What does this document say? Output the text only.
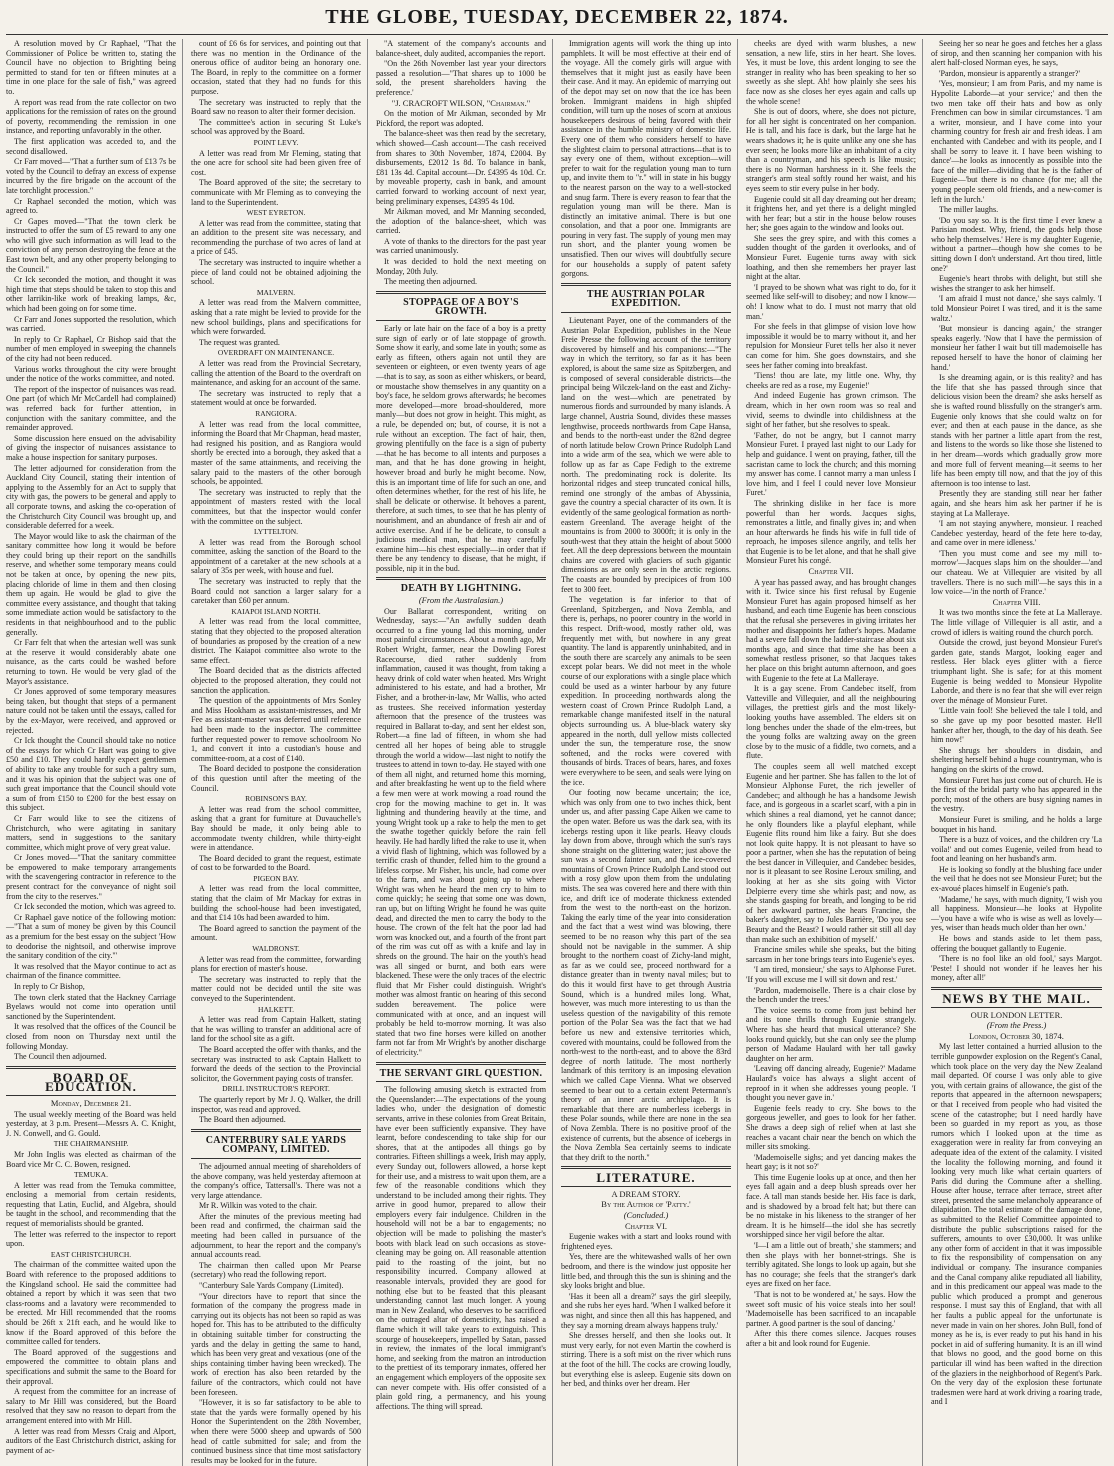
THE GLOBE, TUESDAY, DECEMBER 22, 1874.

A resolution moved by Cr Raphael, "That the Commissioner of Police be written to, stating the Council have no objection to Brighting being permitted to stand for ten or fifteen minutes at a time in one place for the sale of fish," was agreed to.

A report was read from the rate collector on two applications for the remission of rates on the ground of poverty, recommending the remission in one instance, and reporting unfavorably in the other.

The first application was acceded to, and the second disallowed.

Cr Farr moved—"That a further sum of £13 7s be voted by the Council to defray an excess of expense incurred by the fire brigade on the account of the late torchlight procession."

Cr Raphael seconded the motion, which was agreed to.

Cr Gapes moved—"That the town clerk be instructed to offer the sum of £5 reward to any one who will give such information as will lead to the conviction of any person destroying the fence at the East town belt, and any other property belonging to the Council."

Cr Ick seconded the motion, and thought it was high time that steps should be taken to stop this and other larrikin-like work of breaking lamps, &c, which had been going on for some time.

Cr Farr and Jones supported the resolution, which was carried.

In reply to Cr Raphael, Cr Bishop said that the number of men employed in sweeping the channels of the city had not been reduced.

Various works throughout the city were brought under the notice of the works committee, and noted.

The report of the inspector of nuisances was read. One part (of which Mr McCardell had complained) was referred back for further attention, in conjunction with the sanitary committee, and the remainder approved.

Some discussion here ensued on the advisability of giving the inspector of nuisances assistance to make a house inspection for sanitary purposes.

The letter adjourned for consideration from the Auckland City Council, stating their intention of applying to the Assembly for an Act to supply that city with gas, the powers to be general and apply to all corporate towns, and asking the co-operation of the Christchurch City Council was brought up, and considerable deferred for a week.

The Mayor would like to ask the chairman of the sanitary committee how long it would be before they could bring up their report on the sandhills reserve, and whether some temporary means could not be taken at once, by opening the new pits, placing chloride of lime in them and then closing them up again. He would be glad to give the committee every assistance, and thought that taking some immediate action would be satisfactory to the residents in that neighbourhood and to the public generally.

Cr Farr felt that when the artesian well was sunk at the reserve it would considerably abate one nuisance, as the carts could be washed before returning to town. He would be very glad of the Mayor's assistance.

Cr Jones approved of some temporary measures being taken, but thought that steps of a permanent nature could not be taken until the essays, called for by the ex-Mayor, were received, and approved or rejected.

Cr Ick thought the Council should take no notice of the essays for which Cr Hart was going to give £50 and £10. They could hardly expect gentlemen of ability to take any trouble for such a paltry sum, and it was his opinion that the subject was one of such great importance that the Council should vote a sum of from £150 to £200 for the best essay on this subject.

Cr Farr would like to see the citizens of Christchurch, who were agitating in sanitary matters, send in suggestions to the sanitary committee, which might prove of very great value.

Cr Jones moved—"That the sanitary committee be empowered to make temporary arrangements with the scavengering contractor in reference to the present contract for the conveyance of night soil from the city to the reserves."

Cr Ick seconded the motion, which was agreed to.

Cr Raphael gave notice of the following motion:—"That a sum of money be given by this Council as a premium for the best essay on the subject 'How to deodorise the nightsoil, and otherwise improve the sanitary condition of the city.'"

It was resolved that the Mayor continue to act as chairman of the finance committee.

In reply to Cr Bishop,

The town clerk stated that the Hackney Carriage Byelaws would not come into operation until sanctioned by the Superintendent.

It was resolved that the offices of the Council be closed from noon on Thursday next until the following Monday.

The Council then adjourned.

BOARD OF EDUCATION.
Monday, December 21.

The usual weekly meeting of the Board was held yesterday, at 3 p.m. Present—Messrs A. C. Knight, J. N. Conwell, and G. Gould.

THE CHAIRMANSHIP.

Mr John Inglis was elected as chairman of the Board vice Mr C. C. Bowen, resigned.

TEMUKA.

A letter was read from the Temuka committee, enclosing a memorial from certain residents, requesting that Latin, Euclid, and Algebra, should be taught in the school, and recommending that the request of memorialists should be granted.

The letter was referred to the inspector to report upon.

EAST CHRISTCHURCH.

The chairman of the committee waited upon the Board with reference to the proposed additions to the Kingsland school. He said the committee had obtained a report by which it was seen that two class-rooms and a lavatory were recommended to be erected. Mr Hill recommended that the rooms should be 26ft x 21ft each, and he would like to know if the Board approved of this before the committee called for tenders.

The Board approved of the suggestions and empowered the committee to obtain plans and specifications and submit the same to the Board for their approval.

A request from the committee for an increase of salary to Mr Hill was considered, but the Board resolved that they saw no reason to depart from the arrangement entered into with Mr Hill.

A letter was read from Messrs Craig and Alport, auditors of the East Christchurch district, asking for payment of ac-

count of £6 6s for services, and pointing out that there was no mention in the Ordinance of the onerous office of auditor being an honorary one. The Board, in reply to the committee on a former occasion, stated that they had no funds for this purpose.

The secretary was instructed to reply that the Board saw no reason to alter their former decision.

The committee's action in securing St Luke's school was approved by the Board.

POINT LEVY.

A letter was read from Mr Fleming, stating that the one acre for school site had been given free of cost.

The Board approved of the site; the secretary to communicate with Mr Fleming as to conveying the land to the Superintendent.

WEST EYRETON.

A letter was read from the committee, stating that an addition to the present site was necessary, and recommending the purchase of two acres of land at a price of £45.

The secretary was instructed to inquire whether a piece of land could not be obtained adjoining the school.

MALVERN.

A letter was read from the Malvern committee, asking that a rate might be levied to provide for the new school buildings, plans and specifications for which were forwarded.

The request was granted.

OVERDRAFT ON MAINTENANCE.

A letter was read from the Provincial Secretary, calling the attention of the Board to the overdraft on maintenance, and asking for an account of the same.

The secretary was instructed to reply that a statement would at once be forwarded.

RANGIORA.

A letter was read from the local committee, informing the Board that Mr Chapman, head master, had resigned his position, and as Rangiora would shortly be erected into a borough, they asked that a master of the same attainments, and receiving the salary paid to the masters of the other borough schools, be appointed.

The secretary was instructed to reply that the appointment of masters rested with the local committees, but that the inspector would confer with the committee on the subject.

LYTTELTON.

A letter was read from the Borough school committee, asking the sanction of the Board to the appointment of a caretaker at the new schools at a salary of 35s per week, with house and fuel.

The secretary was instructed to reply that the Board could not sanction a larger salary for a caretaker than £60 per annum.

KAIAPOI ISLAND NORTH.

A letter was read from the local committee, stating that they objected to the proposed alteration of boundaries as proposed by the creation of a new district. The Kaiapoi committee also wrote to the same effect.

The Board decided that as the districts affected objected to the proposed alteration, they could not sanction the application.

The question of the appointments of Mrs Sonley and Miss Hookham as assistant-mistresses, and Mr Fee as assistant-master was deferred until reference had been made to the inspector. The committee further requested power to remove schoolroom No 1, and convert it into a custodian's house and committee-room, at a cost of £140.

The Board decided to postpone the consideration of this question until after the meeting of the Council.

ROBINSON'S BAY.

A letter was read from the school committee, asking that a grant for furniture at Duvauchelle's Bay should be made, it only being able to accommodate twenty children, while thirty-eight were in attendance.

The Board decided to grant the request, estimate of cost to be forwarded to the Board.

PIGEON BAY.

A letter was read from the local committee, stating that the claim of Mr Mackay for extras in building the school-house had been investigated, and that £14 10s had been awarded to him.

The Board agreed to sanction the payment of the amount.

WALDRONST.

A letter was read from the committee, forwarding plans for erection of master's house.

The secretary was instructed to reply that the matter could not be decided until the site was conveyed to the Superintendent.

HALKETT.

A letter was read from Captain Halkett, stating that he was willing to transfer an additional acre of land for the school site as a gift.

The Board accepted the offer with thanks, and the secretary was instructed to ask Captain Halkett to forward the deeds of the section to the Provincial solicitor, the Government paying costs of transfer.

DRILL INSTRUCTOR'S REPORT.

The quarterly report by Mr J. Q. Walker, the drill inspector, was read and approved.

The Board then adjourned.

CANTERBURY SALE YARDS COMPANY, LIMITED.

The adjourned annual meeting of shareholders of the above company, was held yesterday afternoon at the company's office, Tattersall's. There was not a very large attendance.

Mr R. Wilkin was voted to the chair.

After the minutes of the previous meeting had been read and confirmed, the chairman said the meeting had been called in pursuance of the adjournment, to hear the report and the company's annual accounts read.

The chairman then called upon Mr Pearse (secretary) who read the following report.

"Canterbury Sale Yards Company (Limited).

"Your directors have to report that since the formation of the company the progress made in carrying out its objects has not been so rapid as was hoped for. This has to be attributed to the difficulty in obtaining suitable timber for constructing the yards and the delay in getting the same to hand, which has been very great and vexatious (one of the ships containing timber having been wrecked). The work of erection has also been retarded by the failure of the contractors, which could not have been foreseen.

"However, it is so far satisfactory to be able to state that the yards were formally opened by his Honor the Superintendent on the 28th November, when there were 5000 sheep and upwards of 500 head of cattle submitted for sale; and from the continued business since that time most satisfactory results may be looked for in the future.

"A statement of the company's accounts and balance-sheet, duly audited, accompanies the report.

"On the 26th November last year your directors passed a resolution—"That shares up to 1000 be sold, the present shareholders having the preference.'

"J. CRACROFT WILSON, "Chairman."

On the motion of Mr Aikman, seconded by Mr Pickford, the report was adopted.

The balance-sheet was then read by the secretary, which showed—Cash account—The cash received from shares to 30th November, 1874, £2004. By disbursements, £2012 1s 8d. To balance in bank, £81 13s 4d. Capital account—Dr. £4395 4s 10d. Cr. by moveable property, cash in bank, and amount carried forward to working account of next year, being preliminary expenses, £4395 4s 10d.

Mr Aikman moved, and Mr Manning seconded, the adoption of the balance-sheet, which was carried.

A vote of thanks to the directors for the past year was carried unanimously.

It was decided to hold the next meeting on Monday, 20th July.

The meeting then adjourned.

STOPPAGE OF A BOY'S GROWTH.

Early or late hair on the face of a boy is a pretty sure sign of early or of late stoppage of growth. Some show it early, and some late in youth; some as early as fifteen, others again not until they are seventeen or eighteen, or even twenty years of age—that is to say, as soon as either whiskers, or beard, or moustache show themselves in any quantity on a boy's face, he seldom grows afterwards; he becomes more developed—more broad-shouldered, more manly—but does not grow in height. This might, as a rule, be depended on; but, of course, it is not a rule without an exception. The fact of hair, then, growing plentifully on the face is a sign of puberty—that he has become to all intents and purposes a man, and that he has done growing in height, however broad and burly he might become. Now, this is an important time of life for such an one, and often determines whether, for the rest of his life, he shall be delicate or otherwise. It behoves a parent, therefore, at such times, to see that he has plenty of nourishment, and an abundance of fresh air and of active exercise. And if he be delicate, to consult a judicious medical man, that he may carefully examine him—his chest especially—in order that if there be any tendency to disease, that he might, if possible, nip it in the bud.

DEATH BY LIGHTNING.
(From the Australasian.)

Our Ballarat correspondent, writing on Wednesday, says:—"An awfully sudden death occurred to a fine young lad this morning, under most painful circumstances. About a month ago, Mr Robert Wright, farmer, near the Dowling Forest Racecourse, died rather suddenly from inflammation, caused it was thought, from taking a heavy drink of cold water when heated. Mrs Wright administered to his estate, and had a brother, Mr Fisher, and a brother-in-law, Mr Wallis, who acted as trustees. She received information yesterday afternoon that the presence of the trustees was required in Ballarat to-day, and sent her eldest son, Robert—a fine lad of fifteen, in whom she had centred all her hopes of being able to struggle through the world a widow—last night to notify the trustees to attend in town to-day. He stayed with one of them all night, and returned home this morning, and after breakfasting he went up to the field where a few men were at work mowing a road round the crop for the mowing machine to get in. It was lightning and thundering heavily at the time, and young Wright took up a rake to help the men to get the swathe together quickly before the rain fell heavily. He had hardly lifted the rake to use it, when a vivid flash of lightning, which was followed by a terrific crash of thunder, felled him to the ground a lifeless corpse. Mr Fisher, his uncle, had come over to the farm, and was about going up to where Wright was when he heard the men cry to him to come quickly; he seeing that some one was down, ran up, but on lifting Wright he found he was quite dead, and directed the men to carry the body to the house. The crown of the felt hat the poor lad had worn was knocked out, and a fourth of the front part of the rim was cut off as with a knife and lay in shreds on the ground. The hair on the youth's head was all singed or burnt, and both ears were blackened. These were the only traces of the electric fluid that Mr Fisher could distinguish. Wright's mother was almost frantic on hearing of this second sudden bereavement. The police were communicated with at once, and an inquest will probably be held to-morrow morning. It was also stated that two fine horses were killed on another farm not far from Mr Wright's by another discharge of electricity."

THE SERVANT GIRL QUESTION.

The following amusing sketch is extracted from the Queenslander:—The expectations of the young ladies who, under the designation of domestic servants, arrive in these colonies from Great Britain, have ever been sufficiently expansive. They have learnt, before condescending to take ship for our shores, that at the antipodes all things go by contraries. Fifteen shillings a week, Irish may apply, every Sunday out, followers allowed, a horse kept for their use, and a mistress to wait upon them, are a few of the reasonable conditions which they understand to be included among their rights. They arrive in good humor, prepared to allow their employers every fair indulgence. Children in the household will not be a bar to engagements; no objection will be made to polishing the master's boots with black lead on such occasions as stove-cleaning may be going on. All reasonable attention paid to the roasting of the joint, but no responsibility incurred. Company allowed at reasonable intervals, provided they are good for nothing else but to be feasted that this pleasant understanding cannot last much longer. A young man in New Zealand, who deserves to be sacrificed on the outraged altar of domesticity, has raised a flame which it will take years to extinguish. This scourge of housekeepers, impelled by Satan, passed in review, the inmates of the local immigrant's home, and seeking from the matron an introduction to the prettiest of its temporary inmates, offered her an engagement which employers of the opposite sex can never compete with. His offer consisted of a plain gold ring, a permanency, and his young affections. The thing will spread.

Immigration agents will work the thing up into pamphlets. It will be most effective at their end of the voyage. All the comely girls will argue with themselves that it might just as easily have been their case. And it may. An epidemic of marrying out of the depot may set on now that the ice has been broken. Immigrant maidens in high shipfed condition, will turn up the noses of scorn at anxious housekeepers desirous of being favored with their assistance in the humble ministry of domestic life. Every one of them who considers herself to have the slightest claim to personal attractions—that is to say every one of them, without exception—will prefer to wait for the regulation young man to turn up, and invite them to "r." will in state in his buggy to the nearest parson on the way to a well-stocked and snug farm. There is every reason to fear that the regulation young man will be there. Man is distinctly an imitative animal. There is but one consolation, and that a poor one. Immigrants are pouring in very fast. The supply of young men may run short, and the planter young women be unsatisfied. Then our wives will doubtfully secure for our households a supply of patent safety gorgons.

THE AUSTRIAN POLAR EXPEDITION.

Lieutenant Payer, one of the commanders of the Austrian Polar Expedition, publishes in the Neue Freie Presse the following account of the territory discovered by himself and his companions:—"The way in which the territory, so far as it has been explored, is about the same size as Spitzbergen, and is composed of several considerable districts—the principal being Wilczek-land on the east and Zichy-land on the west—which are penetrated by numerous fiords and surrounded by many islands. A large channel, Austria Sound, divides these masses lengthwise, proceeds northwards from Cape Hansa, and bends to the north-east under the 82nd degree of north latitude below Crown Prince Rudolph Land into a wide arm of the sea, which we were able to follow up as far as Cape Fedigh to the extreme north. The predominating rock is dolerite. Its horizontal ridges and steep truncated conical hills, remind one strongly of the ambas of Abyssinia, gave the country a special character of its own. It is evidently of the same geological formation as north-eastern Greenland. The average height of the mountains is from 2000 to 3000ft; it is only in the south-west that they attain the height of about 5000 feet. All the deep depressions between the mountain chains are covered with glaciers of such gigantic dimensions as are only seen in the arctic regions. The coasts are bounded by precipices of from 100 feet to 300 feet.

The vegetation is far inferior to that of Greenland, Spitzbergen, and Nova Zembla, and there is, perhaps, no poorer country in the world in this respect. Drift-wood, mostly rather old, was frequently met with, but nowhere in any great quantity. The land is apparently uninhabited, and in the south there are scarcely any animals to be seen except polar bears. We did not meet in the whole course of our explorations with a single place which could be used as a winter harbour by any future expedition. In proceeding northwards along the western coast of Crown Prince Rudolph Land, a remarkable change manifested itself in the natural objects surrounding us. A blue-black watery sky appeared in the north, dull yellow mists collected under the sun, the temperature rose, the snow softened, and the rocks were covered with thousands of birds. Traces of bears, hares, and foxes were everywhere to be seen, and seals were lying on the ice.

Our footing now became uncertain; the ice, which was only from one to two inches thick, bent under us, and after passing Cape Aiken we came to the open water. Before us was the dark sea, with its icebergs resting upon it like pearls. Heavy clouds lay down from above, through which the sun's rays shone straight on the glittering water; just above the sun was a second fainter sun, and the ice-covered mountains of Crown Prince Rudolph Land stood out with a rosy glow upon them from the undulating mists. The sea was covered here and there with thin ice, and drift ice of moderate thickness extended from the west to the north-east on the horizon. Taking the early time of the year into consideration and the fact that a west wind was blowing, there seemed to be no reason why this part of the sea should not be navigable in the summer. A ship brought to the northern coast of Zichy-land might, as far as we could see, proceed northward for a distance greater than in twenty naval miles; but to do this it would first have to get through Austria Sound, which is a hundred miles long. What, however, was much more interesting to us than the useless question of the navigability of this remote portion of the Polar Sea was the fact that we had before us new and extensive territories which, covered with mountains, could be followed from the north-west to the north-east, and to above the 83rd degree of north latitude. The most northerly landmark of this territory is an imposing elevation which we called Cape Vienna. What we observed seemed to bear out to a certain extent Petermann's theory of an inner arctic archipelago. It is remarkable that there are numberless icebergs in these Polar sounds, while there are none in the sea of Nova Zembla. There is no positive proof of the existence of currents, but the absence of icebergs in the Nova Zembla Sea certainly seems to indicate that they drift to the north."

LITERATURE.
A DREAM STORY.
By the Author of 'Patty.'
(Concluded.)
Chapter VI.

Eugenie wakes with a start and looks round with frightened eyes.

Yes, there are the whitewashed walls of her own bedroom, and there is the window just opposite her little bed, and through this the sun is shining and the sky looks bright and blue.

'Has it been all a dream?' says the girl sleepily, and she rubs her eyes hard. 'When I walked before it was night, and since then all this has happened, and they say a morning dream always happens truly.'

She dresses herself, and then she looks out. It must very early, for not even Martin the cowherd is stirring. There is a soft mist on the river which runs at the foot of the hill. The cocks are crowing loudly, but everything else is asleep. Eugenie sits down on her bed, and thinks over her dream. Her

cheeks are dyed with warm blushes, a new sensation, a new life, stirs in her heart. She loves. Yes, it must be love, this ardent longing to see the stranger in reality who has been speaking to her so sweetly as she slept. Ah! how plainly she sees his face now as she closes her eyes again and calls up the whole scene!

She is out of doors, where, she does not picture, for all her sight is concentrated on her companion. He is tall, and his face is dark, but the large hat he wears shadows it; he is quite unlike any one she has ever seen; he looks more like an inhabitant of a city than a countryman, and his speech is like music; there is no Norman harshness in it. She feels the stranger's arm steal softly round her waist, and his eyes seem to stir every pulse in her body.

Eugenie could sit all day dreaming out her dream; it frightens her, and yet there is a delight mingled with her fear; but a stir in the house below rouses her; she goes again to the window and looks out.

She sees the grey spire, and with this comes a sudden thought of the garden it overlooks, and of Monsieur Furet. Eugenie turns away with sick loathing, and then she remembers her prayer last night at the altar.

'I prayed to be shown what was right to do, for it seemed like self-will to disobey; and now I know—oh! I know what to do. I must not marry that old man.'

For she feels in that glimpse of vision love how impossible it would be to marry without it, and her repulsion for Monsieur Furet tells her also it never can come for him. She goes downstairs, and she sees her father coming into breakfast.

'Tiens! thou are late, my little one. Why, thy cheeks are red as a rose, my Eugenie!'

And indeed Eugenie has grown crimson. The dream, which in her own room was so real and vivid, seems to dwindle into childishness at the sight of her father, but she resolves to speak.

'Father, do not be angry, but I cannot marry Monsieur Furet. I prayed last night to our Lady for help and guidance. I went on praying, father, till the sacristan came to lock the church; and this morning my answer has come. I cannot marry a man unless I love him, and I feel I could never love Monsieur Furet.'

The shrinking dislike in her face is more powerful than her words. Jacques sighs, remonstrates a little, and finally gives in; and when an hour afterwards he finds his wife in full tide of reproach, he imposes silence angrily, and tells her that Eugenie is to be let alone, and that he shall give Monsieur Furet his congé.

Chapter VII.

A year has passed away, and has brought changes with it. Twice since his first refusal by Eugenie Monsieur Furet has again proposed himself as her husband, and each time Eugenie has been conscious that the refusal she perseveres in giving irritates her mother and disappoints her father's hopes. Madame had a severe fall down the ladder-staircase about six months ago, and since that time she has been a somewhat restless prisoner, so that Jacques takes her place on this bright autumn afternoon, and goes with Eugenie to the fete at La Malleraye.

It is a gay scene. From Candebec itself, from Vatteville and Villequier, and all the neighbouring villages, the prettiest girls and the most likely-looking youths have assembled. The elders sit on long benches under the shade of the elm-trees, but the young folks are waltzing away on the green close by to the music of a fiddle, two cornets, and a flute.

The couples seem all well matched except Eugenie and her partner. She has fallen to the lot of Monsieur Alphonse Furet, the rich jeweller of Candebec; and although he has a handsome Jewish face, and is gorgeous in a scarlet scarf, with a pin in which shines a real diamond, yet he cannot dance; he only flounders like a playful elephant, while Eugenie flits round him like a fairy. But she does not look quite happy. It is not pleasant to have so poor a partner, when she has the reputation of being the best dancer in Villequier, and Candebec besides, nor is it pleasant to see Rosine Leroux smiling, and looking at her as she sits going with Victor Delpierre every time she whirls past; and now, as she stands gasping for breath, and longing to be rid of her awkward partner, she hears Francine, the baker's daughter, say to Jules Barrière, 'Do you see Beauty and the Beast? I would rather sit still all day than make such an exhibition of myself.'

Francine smiles while she speaks, but the biting sarcasm in her tone brings tears into Eugenie's eyes.

'I am tired, monsieur,' she says to Alphonse Furet. 'If you will excuse me I will sit down and rest.'

'Pardon, mademoiselle. There is a chair close by the bench under the trees.'

The voice seems to come from just behind her and its tone thrills through Eugenie strangely. Where has she heard that musical utterance? She looks round quickly, but she can only see the plump person of Madame Haulard with her tall gawky daughter on her arm.

'Leaving off dancing already, Eugenie?' Madame Haulard's voice has always a slight accent of reproof in it when she addresses young people. 'I thought you never gave in.'

Eugenie feels ready to cry. She bows to the gorgeous jeweller, and goes to look for her father. She draws a deep sigh of relief when at last she reaches a vacant chair near the bench on which the miller sits smoking.

'Mademoiselle sighs; and yet dancing makes the heart gay; is it not so?'

This time Eugenie looks up at once, and then her eyes fall again and a deep blush spreads over her face. A tall man stands beside her. His face is dark, and is shadowed by a broad felt hat; but there can be no mistake in his likeness to the stranger of her dream. It is he himself—the idol she has secretly worshipped since her vigil before the altar.

'I—I am a little out of breath,' she stammers; and then she plays with her bonnet-strings. She is terribly agitated. She longs to look up again, but she has no courage; she feels that the stranger's dark eyes are fixed on her face.

'That is not to be wondered at,' he says. How the sweet soft music of his voice steals into her soul! 'Mademoiselle has been sacrificed to an incapable partner. A good partner is the soul of dancing.'

After this there comes silence. Jacques rouses after a bit and look round for Eugenie.

Seeing her so near he goes and fetches her a glass of sirop, and then scanning her companion with his alert half-closed Norman eyes, he says,

'Pardon, monsieur is apparently a stranger?'

'Yes, monsieur; I am from Paris, and my name is Hypolite Laborde—at your service;' and then the two men take off their hats and bow as only Frenchmen can bow in similar circumstances. 'I am a writer, monsieur, and I have come into your charming country for fresh air and fresh ideas. I am enchanted with Candebec and with its people, and I shall be sorry to leave it. I have been wishing to dance'—he looks as innocently as possible into the face of the miller—dividing that he is the father of Eugenie—'but there is no chance (for me; all the young people seem old friends, and a new-comer is left in the lurch.'

The miller laughs.

'Do you say so. It is the first time I ever knew a Parisian modest. Why, friend, the gods help those who help themselves.' Here is my daughter Eugenie, without a partner—though how she comes to be sitting down I don't understand. Art thou tired, little one?'

Eugenie's heart throbs with delight, but still she wishes the stranger to ask her himself.

'I am afraid I must not dance,' she says calmly. 'I told Monsieur Poiret I was tired, and it is the same waltz.'

'But monsieur is dancing again,' the stranger speaks eagerly. 'Now that I have the permission of monsieur her father I wait but till mademoiselle has reposed herself to have the honor of claiming her hand.'

Is she dreaming again, or is this reality? and has the life that she has passed through since that delicious vision been the dream? she asks herself as she is wafted round blissfully on the stranger's arm. Eugenie only knows that she could waltz on for ever; and then at each pause in the dance, as she stands with her partner a little apart from the rest, and listens to the words so like those she listened to in her dream—words which gradually grow more and more full of fervent meaning—it seems to her life has been empty till now, and that the joy of this afternoon is too intense to last.

Presently they are standing still near her father again, and she hears him ask her partner if he is staying at La Malleraye.

'I am not staying anywhere, monsieur. I reached Candebec yesterday, heard of the fete here to-day, and came over in mere idleness.'

'Then you must come and see my mill to-morrow'—Jacques slaps him on the shoulder—'and our chateau. We at Villequier are visited by all travellers. There is no such mill'—he says this in a low voice—'in the north of France.'

Chapter VIII.

It was two months since the fete at La Malleraye. The little village of Villequier is all astir, and a crowd of idlers is waiting round the church porch.

Outside the crowd, just beyond Monsieur Furet's garden gate, stands Margot, looking eager and restless. Her black eyes glitter with a fierce triumphant light. She is safe; for at this moment Eugenie is being wedded to Monsieur Hypolite Laborde, and there is no fear that she will ever reign over the ménage of Monsieur Furet.

'Little vain fool! She believed the tale I told, and so she gave up my poor besotted master. He'll hanker after her, though, to the day of his death. See him now!'

She shrugs her shoulders in disdain, and sheltering herself behind a huge countryman, who is hanging on the skirts of the crowd.

Monsieur Furet has just come out of church. He is the first of the bridal party who has appeared in the porch; most of the others are busy signing names in the vestry.

Monsieur Furet is smiling, and he holds a large bouquet in his hand.

There is a buzz of voices, and the children cry 'La voila!' and out comes Eugenie, veiled from head to foot and leaning on her husband's arm.

He is looking so fondly at the blushing face under the veil that he does not see Monsieur Furet; but the ex-avoué places himself in Eugenie's path.

'Madame,' he says, with much dignity, 'I wish you all happiness. Monsieur—he looks at Hypolite—'you have a wife who is wise as well as lovely—yes, wiser than heads much older than her own.'

He bows and stands aside to let them pass, offering the bouquet gallantly to Eugenie.

'There is no fool like an old fool,' says Margot. 'Peste! I should not wonder if he leaves her his money, after all!'

NEWS BY THE MAIL.
OUR LONDON LETTER.
(From the Press.)
London, October 30, 1874.

My last letter contained a hurried allusion to the terrible gunpowder explosion on the Regent's Canal, which took place on the very day the New Zealand mail departed. Of course I was only able to give you, with certain grains of allowance, the gist of the reports that appeared in the afternoon newspapers; or that I received from people who had visited the scene of the catastrophe; but I need hardly have been so guarded in my report as you, as those rumors which I looked upon at the time as exaggeration were in reality far from conveying an adequate idea of the extent of the calamity. I visited the locality the following morning, and found it looking very much like what certain quarters of Paris did during the Commune after a shelling. House after house, terrace after terrace, street after street, presented the same melancholy appearance of dilapidation. The total estimate of the damage done, as submitted to the Relief Committee appointed to distribute the public subscriptions raised for the sufferers, amounts to over £30,000. It was unlike any other form of accident in that it was impossible to fix the responsibility of compensation on any individual or company. The insurance companies and the Canal company alike repudiated all liability, and in this predicament our appeal was made to the public which produced a prompt and generous response. I must say this of England, that with all her faults a public appeal for the unfortunate is never made in vain on her shores. John Bull, fond of money as he is, is ever ready to put his hand in his pocket in aid of suffering humanity. It is an ill wind that blows no good, and the good borne on this particular ill wind has been wafted in the direction of the glaziers in the neighborhood of Regent's Park. On the very day of the explosion these fortunate tradesmen were hard at work driving a roaring trade, and I
